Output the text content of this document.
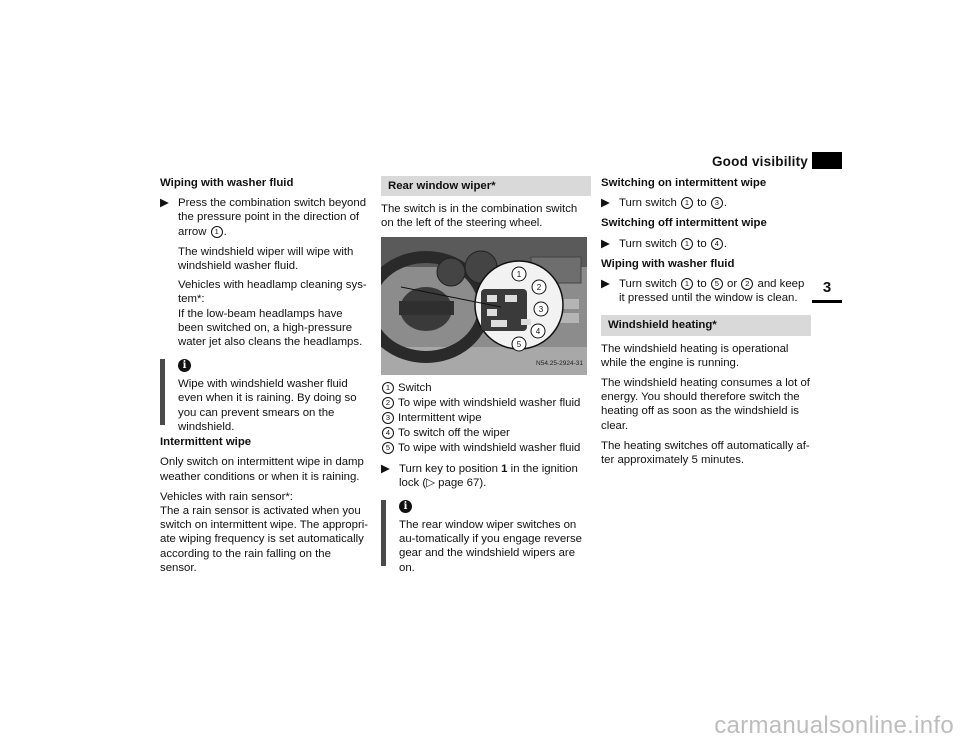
Good visibility
3
Wiping with washer fluid
▶ Press the combination switch beyond the pressure point in the direction of arrow 1 .
The windshield wiper will wipe with windshield washer fluid.
Vehicles with headlamp cleaning sys-tem*:
If the low-beam headlamps have been switched on, a high-pressure water jet also cleans the headlamps.
i
Wipe with windshield washer fluid even when it is raining. By doing so you can prevent smears on the windshield.
Intermittent wipe
Only switch on intermittent wipe in damp weather conditions or when it is raining.
Vehicles with rain sensor*:
The a rain sensor is activated when you switch on intermittent wipe. The appropri-ate wiping frequency is set automatically according to the rain falling on the sensor.
Rear window wiper*
The switch is in the combination switch on the left of the steering wheel.
1
2
3
4
5
N54.25-2924-31
1 Switch
2 To wipe with windshield washer fluid
3 Intermittent wipe
4 To switch off the wiper
5 To wipe with windshield washer fluid
▶ Turn key to position 1 in the ignition lock (▷ page 67).
i
The rear window wiper switches on au-tomatically if you engage reverse gear and the windshield wipers are on.
Switching on intermittent wipe
▶ Turn switch 1 to 3 .
Switching off intermittent wipe
▶ Turn switch 1 to 4 .
Wiping with washer fluid
▶ Turn switch 1 to 5 or 2 and keep it pressed until the window is clean.
Windshield heating*
The windshield heating is operational while the engine is running.
The windshield heating consumes a lot of energy. You should therefore switch the heating off as soon as the windshield is clear.
The heating switches off automatically af-ter approximately 5 minutes.
carmanualsonline.info
